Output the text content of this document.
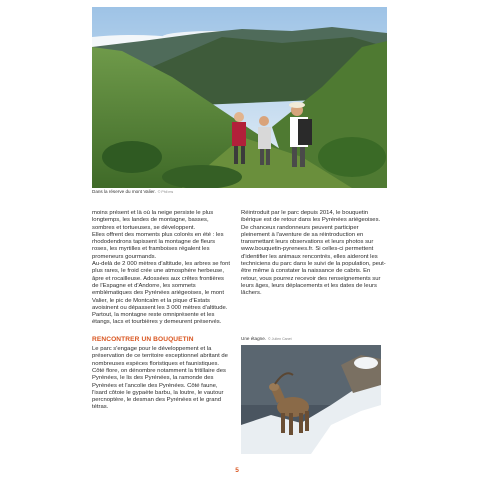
Dans la réserve du mont Valier. © Phil ms

moins présent et là où la neige persiste le plus longtemps, les landes de montagne, basses, sombres et tortueuses, se développent.

Elles offrent des moments plus colorés en été : les rhododendrons tapissent la montagne de fleurs roses, les myrtilles et framboises régalent les promeneurs gourmands.

Au-delà de 2 000 mètres d'altitude, les arbres se font plus rares, le froid crée une atmosphère herbeuse, âpre et rocailleuse. Adossées aux crêtes frontières de l'Espagne et d'Andorre, les sommets emblématiques des Pyrénées ariégeoises, le mont Valier, le pic de Montcalm et la pique d'Estats avoisinent ou dépassent les 3 000 mètres d'altitude. Partout, la montagne reste omniprésente et les étangs, lacs et tourbières y demeurent préservés.

RENCONTRER UN BOUQUETIN

Le parc s'engage pour le développement et la préservation de ce territoire exceptionnel abritant de nombreuses espèces floristiques et faunistiques. Côté flore, on dénombre notamment la fritillaire des Pyrénées, le lis des Pyrénées, la ramonde des Pyrénées et l'ancolie des Pyrénées. Côté faune, l'isard côtoie le gypaète barbu, la loutre, le vautour percnoptère, le desman des Pyrénées et le grand tétras.

Réintroduit par le parc depuis 2014, le bouquetin ibérique est de retour dans les Pyrénées ariégeoises. De chanceux randonneurs peuvent participer pleinement à l'aventure de sa réintroduction en transmettant leurs observations et leurs photos sur www.bouquetin-pyrenees.fr. Si celles-ci permettent d'identifier les animaux rencontrés, elles aideront les techniciens du parc dans le suivi de la population, peut-être même à constater la naissance de cabris. En retour, vous pourrez recevoir des renseignements sur leurs âges, leurs déplacements et les dates de leurs lâchers.

Une étagne. © Julien Canet
5
